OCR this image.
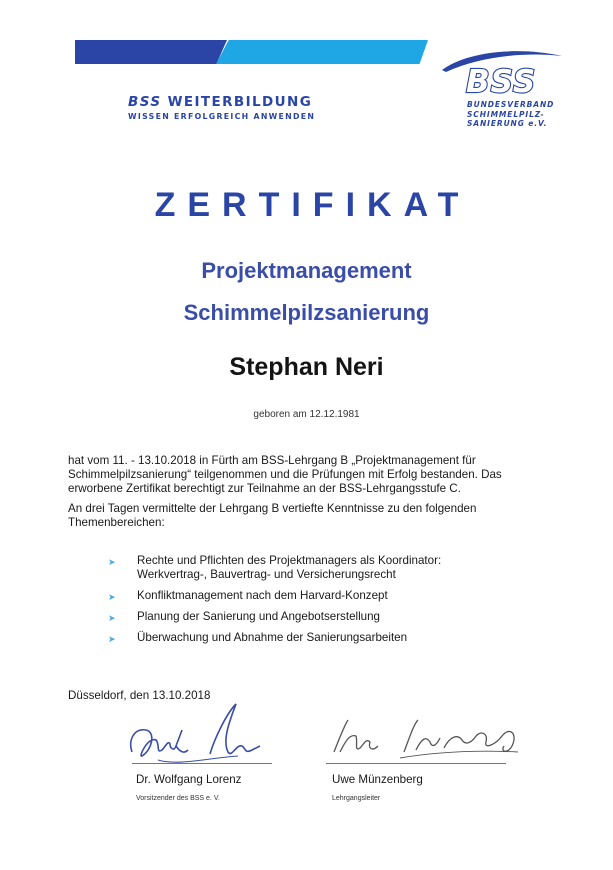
BSS WEITERBILDUNG
WISSEN ERFOLGREICH ANWENDEN
BSS
BUNDESVERBAND
SCHIMMELPILZ-
SANIERUNG e.V.
ZERTIFIKAT
Projektmanagement
Schimmelpilzsanierung
Stephan Neri
geboren am 12.12.1981
hat vom 11. - 13.10.2018 in Fürth am BSS-Lehrgang B „Projektmanagement für Schimmelpilzsanierung“ teilgenommen und die Prüfungen mit Erfolg bestanden. Das erworbene Zertifikat berechtigt zur Teilnahme an der BSS-Lehrgangsstufe C.
An drei Tagen vermittelte der Lehrgang B vertiefte Kenntnisse zu den folgenden Themenbereichen:
➤ Rechte und Pflichten des Projektmanagers als Koordinator: Werkvertrag-, Bauvertrag- und Versicherungsrecht
➤ Konfliktmanagement nach dem Harvard-Konzept
➤ Planung der Sanierung und Angebotserstellung
➤ Überwachung und Abnahme der Sanierungsarbeiten
Düsseldorf, den 13.10.2018
Dr. Wolfgang Lorenz
Vorsitzender des BSS e. V.
Uwe Münzenberg
Lehrgangsleiter
